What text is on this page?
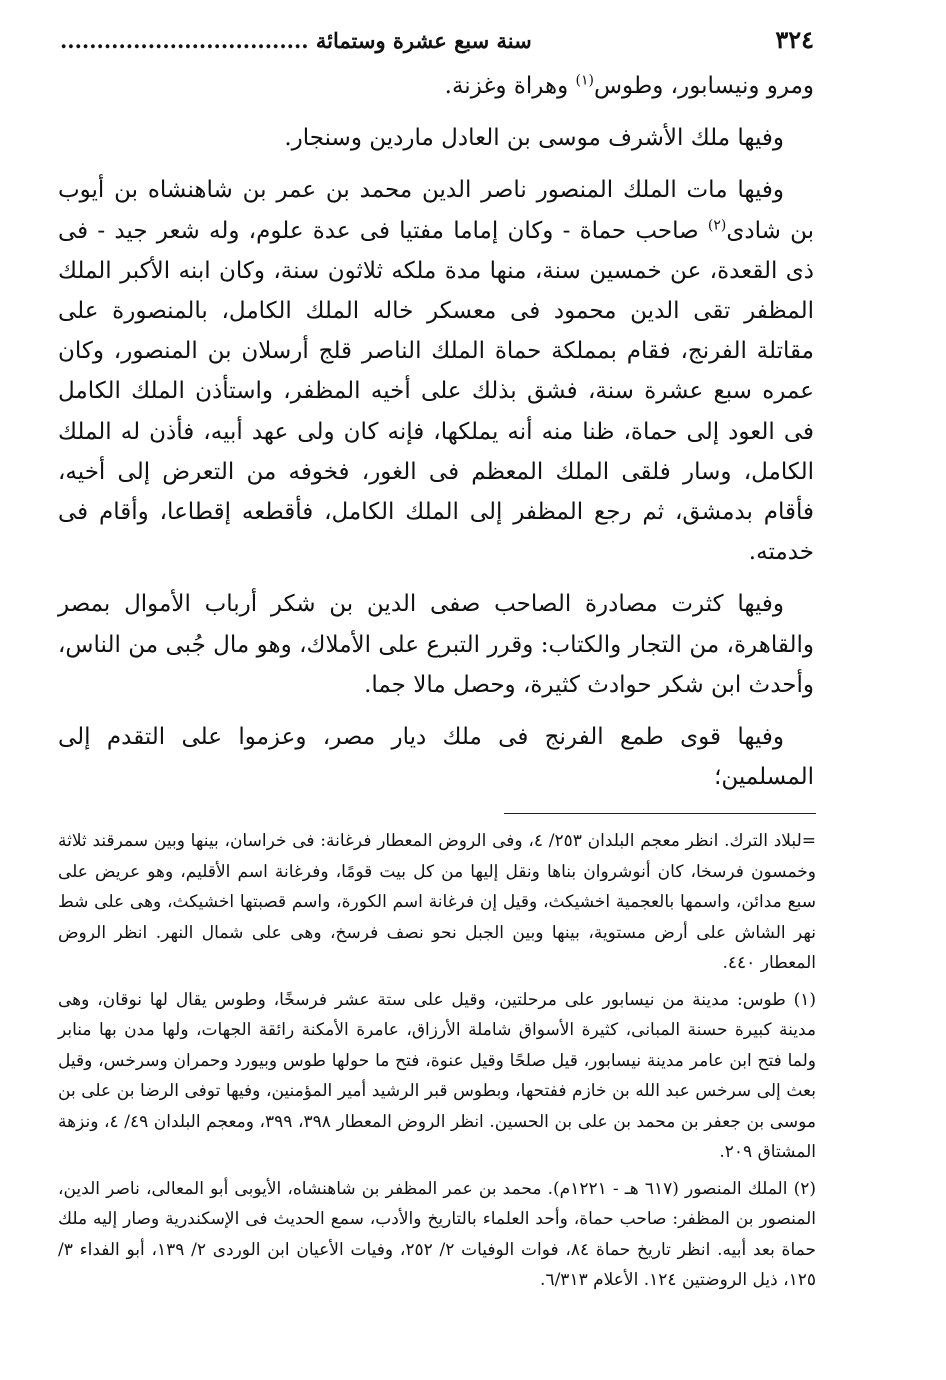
٣٢٤
سنة سبع عشرة وستمائة ..................................

ومرو ونيسابور، وطوس$^{(١)}$ وهراة وغزنة.

وفيها ملك الأشرف موسى بن العادل ماردين وسنجار.

وفيها مات الملك المنصور ناصر الدين محمد بن عمر بن شاهنشاه بن أيوب بن شادى$^{(٢)}$ صاحب حماة - وكان إماما مفتيا فى عدة علوم، وله شعر جيد - فى ذى القعدة، عن خمسين سنة، منها مدة ملكه ثلاثون سنة، وكان ابنه الأكبر الملك المظفر تقى الدين محمود فى معسكر خاله الملك الكامل، بالمنصورة على مقاتلة الفرنج، فقام بمملكة حماة الملك الناصر قلج أرسلان بن المنصور، وكان عمره سبع عشرة سنة، فشق بذلك على أخيه المظفر، واستأذن الملك الكامل فى العود إلى حماة، ظنا منه أنه يملكها، فإنه كان ولى عهد أبيه، فأذن له الملك الكامل، وسار فلقى الملك المعظم فى الغور، فخوفه من التعرض إلى أخيه، فأقام بدمشق، ثم رجع المظفر إلى الملك الكامل، فأقطعه إقطاعا، وأقام فى خدمته.

وفيها كثرت مصادرة الصاحب صفى الدين بن شكر أرباب الأموال بمصر والقاهرة، من التجار والكتاب: وقرر التبرع على الأملاك، وهو مال جُبى من الناس، وأحدث ابن شكر حوادث كثيرة، وحصل مالا جما.

وفيها قوى طمع الفرنج فى ملك ديار مصر، وعزموا على التقدم إلى المسلمين؛

=لبلاد الترك. انظر معجم البلدان ٢٥٣/ ٤، وفى الروض المعطار فرغانة: فى خراسان، بينها وبين سمرقند ثلاثة وخمسون فرسخا، كان أنوشروان بناها ونقل إليها من كل بيت قومًا، وفرغانة اسم الأقليم، وهو عريض على سبع مدائن، واسمها بالعجمية اخشيكث، وقيل إن فرغانة اسم الكورة، واسم قصبتها اخشيكث، وهى على شط نهر الشاش على أرض مستوية، بينها وبين الجبل نحو نصف فرسخ، وهى على شمال النهر. انظر الروض المعطار ٤٤٠.

(١) طوس: مدينة من نيسابور على مرحلتين، وقيل على ستة عشر فرسخًا، وطوس يقال لها نوقان، وهى مدينة كبيرة حسنة المبانى، كثيرة الأسواق شاملة الأرزاق، عامرة الأمكنة رائقة الجهات، ولها مدن بها منابر ولما فتح ابن عامر مدينة نيسابور، قيل صلحًا وقيل عنوة، فتح ما حولها طوس وبيورد وحمران وسرخس، وقيل بعث إلى سرخس عبد الله بن خازم ففتحها، وبطوس قبر الرشيد أمير المؤمنين، وفيها توفى الرضا بن على بن موسى بن جعفر بن محمد بن على بن الحسين. انظر الروض المعطار ٣٩٨، ٣٩٩، ومعجم البلدان ٤٩/ ٤، ونزهة المشتاق ٢٠٩.

(٢) الملك المنصور (٦١٧ هـ - ١٢٢١م). محمد بن عمر المظفر بن شاهنشاه، الأيوبى أبو المعالى، ناصر الدين، المنصور بن المظفر: صاحب حماة، وأحد العلماء بالتاريخ والأدب، سمع الحديث فى الإسكندرية وصار إليه ملك حماة بعد أبيه. انظر تاريخ حماة ٨٤، فوات الوفيات ٢/ ٢٥٢، وفيات الأعيان ابن الوردى ٢/ ١٣٩، أبو الفداء ٣/ ١٢٥، ذيل الروضتين ١٢٤. الأعلام ٦/٣١٣.
